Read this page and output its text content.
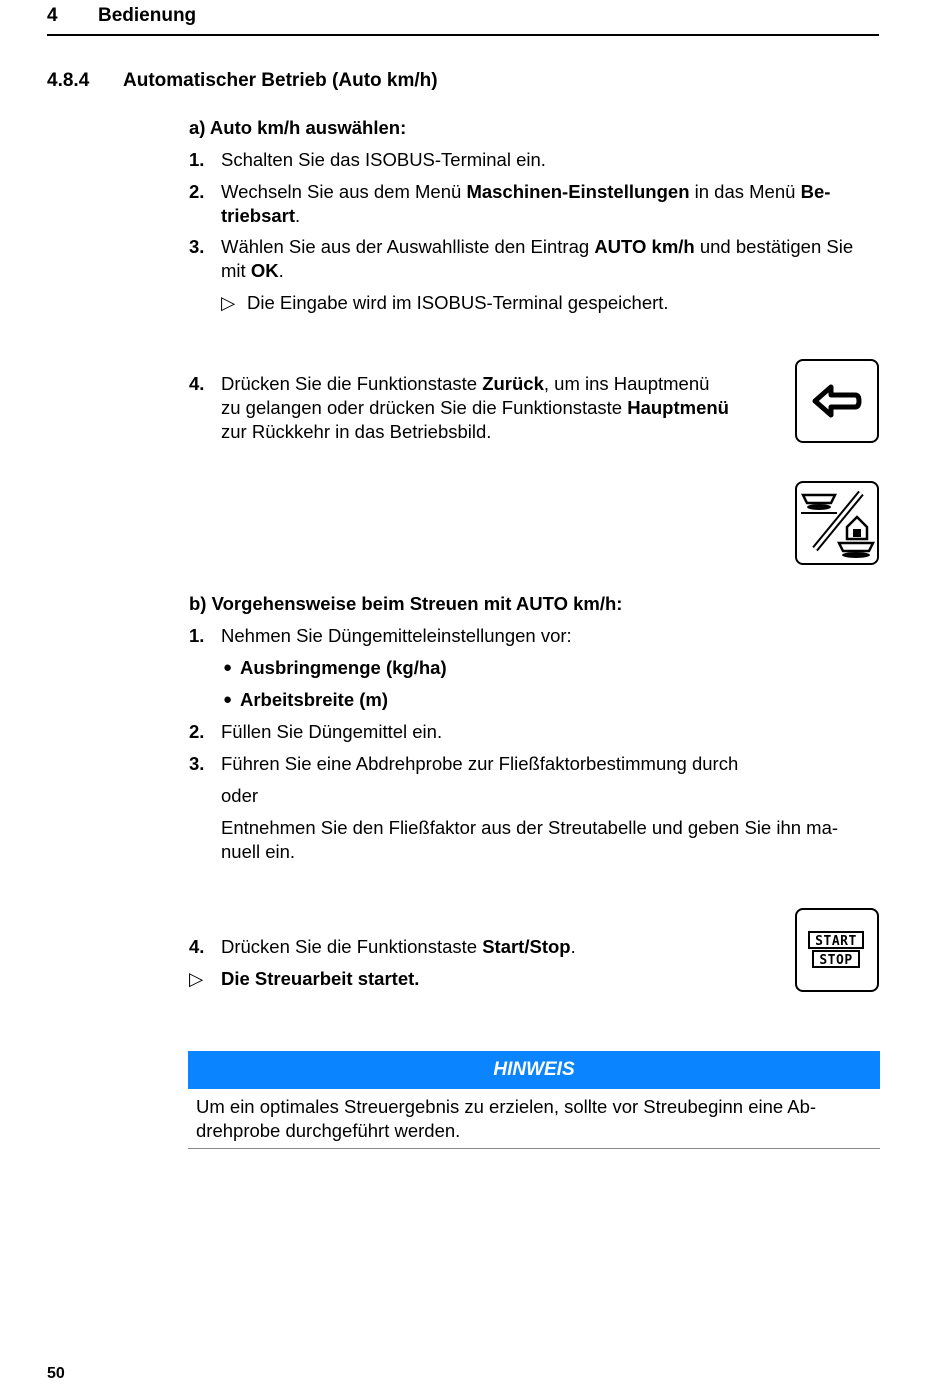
4 Bedienung
4.8.4 Automatischer Betrieb (Auto km/h)
a) Auto km/h auswählen:
1. Schalten Sie das ISOBUS-Terminal ein.
2. Wechseln Sie aus dem Menü Maschinen-Einstellungen in das Menü Be-
triebsart.
3. Wählen Sie aus der Auswahlliste den Eintrag AUTO km/h und bestätigen Sie
mit OK.
▷ Die Eingabe wird im ISOBUS-Terminal gespeichert.
4. Drücken Sie die Funktionstaste Zurück, um ins Hauptmenü
zu gelangen oder drücken Sie die Funktionstaste Hauptmenü
zur Rückkehr in das Betriebsbild.
b) Vorgehensweise beim Streuen mit AUTO km/h:
1. Nehmen Sie Düngemitteleinstellungen vor:
● Ausbringmenge (kg/ha)
● Arbeitsbreite (m)
2. Füllen Sie Düngemittel ein.
3. Führen Sie eine Abdrehprobe zur Fließfaktorbestimmung durch
oder
Entnehmen Sie den Fließfaktor aus der Streutabelle und geben Sie ihn ma-
nuell ein.
4. Drücken Sie die Funktionstaste Start/Stop.
▷ Die Streuarbeit startet.
START
STOP
HINWEIS
Um ein optimales Streuergebnis zu erzielen, sollte vor Streubeginn eine Ab-
drehprobe durchgeführt werden.
50
